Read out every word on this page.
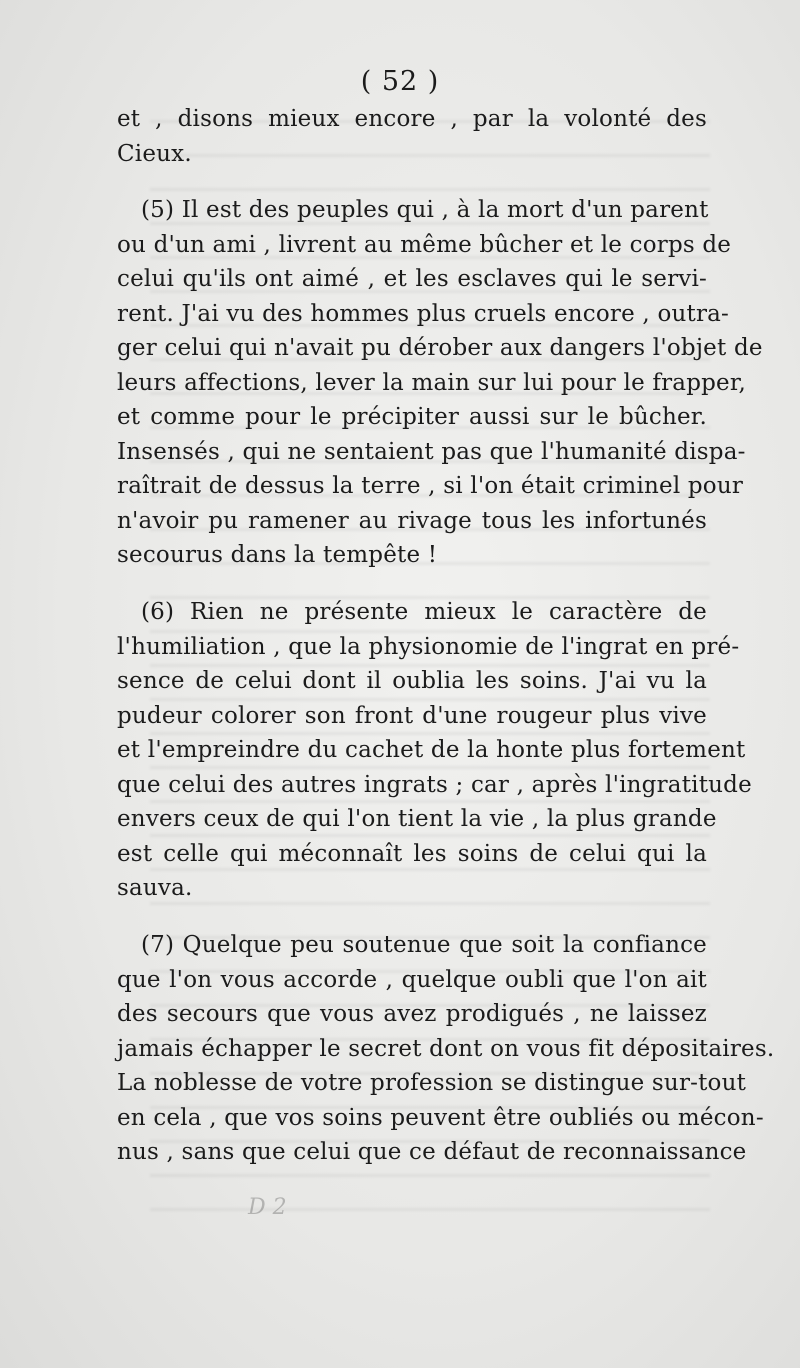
( 52 )
et , disons mieux encore , par la volonté des
Cieux.
(5) Il est des peuples qui , à la mort d'un parent
ou d'un ami , livrent au même bûcher et le corps de
celui qu'ils ont aimé , et les esclaves qui le servi-
rent. J'ai vu des hommes plus cruels encore , outra-
ger celui qui n'avait pu dérober aux dangers l'objet de
leurs affections, lever la main sur lui pour le frapper,
et comme pour le précipiter aussi sur le bûcher.
Insensés , qui ne sentaient pas que l'humanité dispa-
raîtrait de dessus la terre , si l'on était criminel pour
n'avoir pu ramener au rivage tous les infortunés
secourus dans la tempête !
(6) Rien ne présente mieux le caractère de
l'humiliation , que la physionomie de l'ingrat en pré-
sence de celui dont il oublia les soins. J'ai vu la
pudeur colorer son front d'une rougeur plus vive
et l'empreindre du cachet de la honte plus fortement
que celui des autres ingrats ; car , après l'ingratitude
envers ceux de qui l'on tient la vie , la plus grande
est celle qui méconnaît les soins de celui qui la
sauva.
(7) Quelque peu soutenue que soit la confiance
que l'on vous accorde , quelque oubli que l'on ait
des secours que vous avez prodigués , ne laissez
jamais échapper le secret dont on vous fit dépositaires.
La noblesse de votre profession se distingue sur-tout
en cela , que vos soins peuvent être oubliés ou mécon-
nus , sans que celui que ce défaut de reconnaissance
D 2
